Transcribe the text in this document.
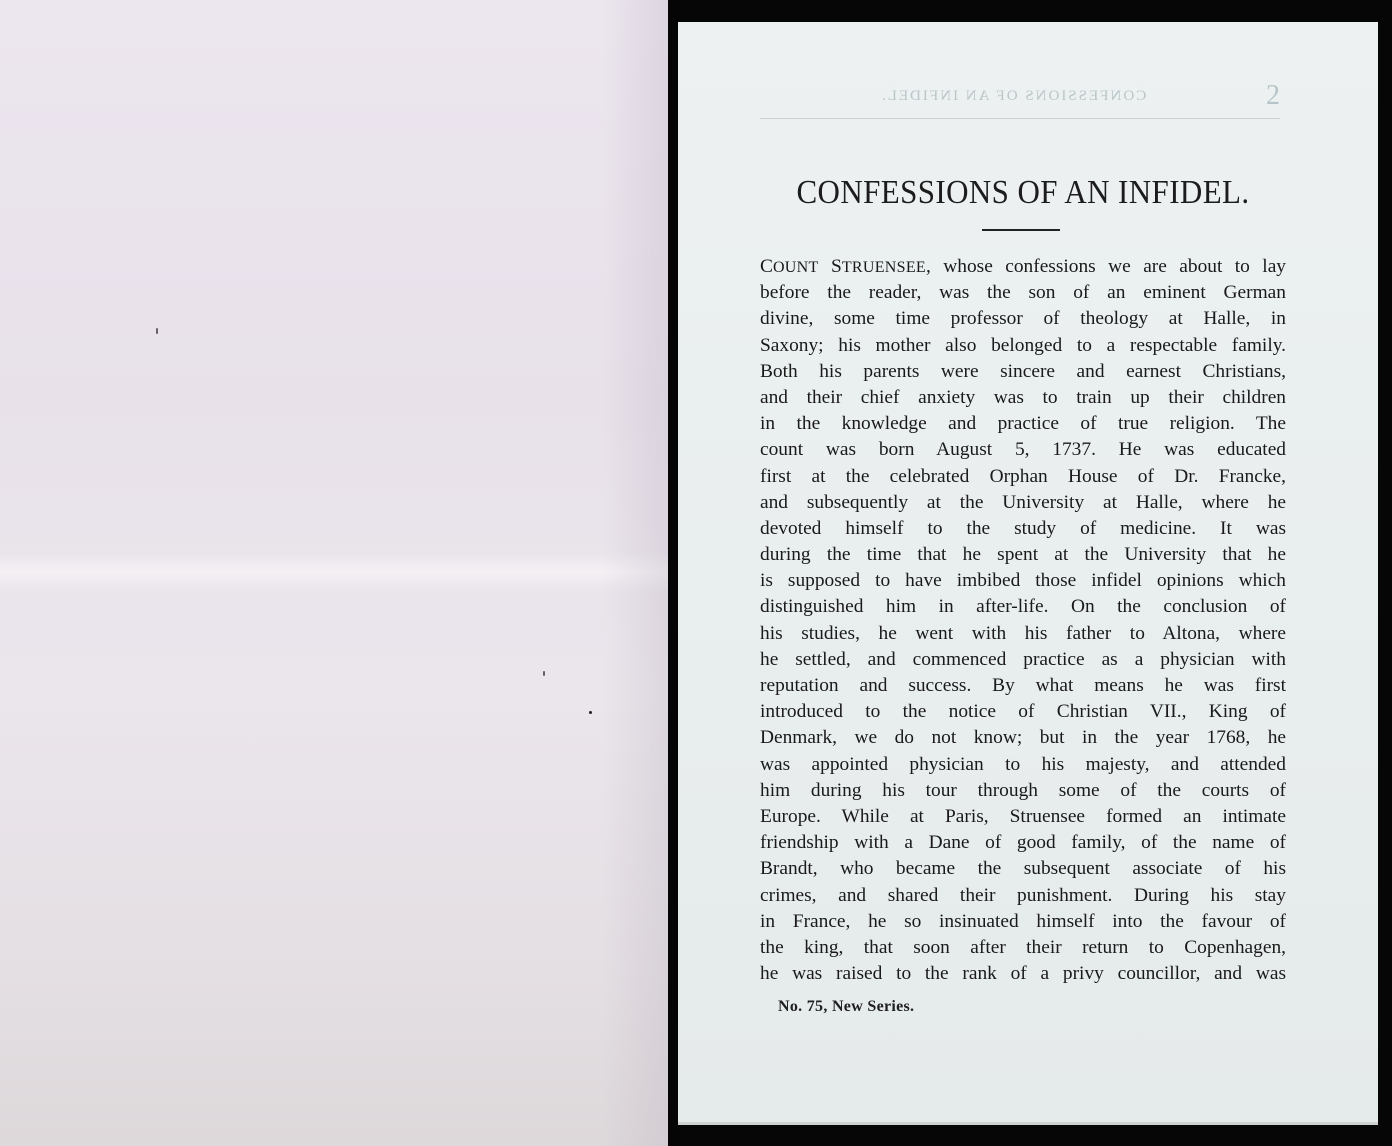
CONFESSIONS OF AN INFIDEL.	2
CONFESSIONS OF AN INFIDEL.
COUNT STRUENSEE, whose confessions we are about to lay
before the reader, was the son of an eminent German
divine, some time professor of theology at Halle, in
Saxony; his mother also belonged to a respectable family.
Both his parents were sincere and earnest Christians,
and their chief anxiety was to train up their children
in the knowledge and practice of true religion. The
count was born August 5, 1737. He was educated
first at the celebrated Orphan House of Dr. Francke,
and subsequently at the University at Halle, where he
devoted himself to the study of medicine. It was
during the time that he spent at the University that he
is supposed to have imbibed those infidel opinions which
distinguished him in after-life. On the conclusion of
his studies, he went with his father to Altona, where
he settled, and commenced practice as a physician with
reputation and success. By what means he was first
introduced to the notice of Christian VII., King of
Denmark, we do not know; but in the year 1768, he
was appointed physician to his majesty, and attended
him during his tour through some of the courts of
Europe. While at Paris, Struensee formed an intimate
friendship with a Dane of good family, of the name of
Brandt, who became the subsequent associate of his
crimes, and shared their punishment. During his stay
in France, he so insinuated himself into the favour of
the king, that soon after their return to Copenhagen,
he was raised to the rank of a privy councillor, and was
No. 75, New Series.
